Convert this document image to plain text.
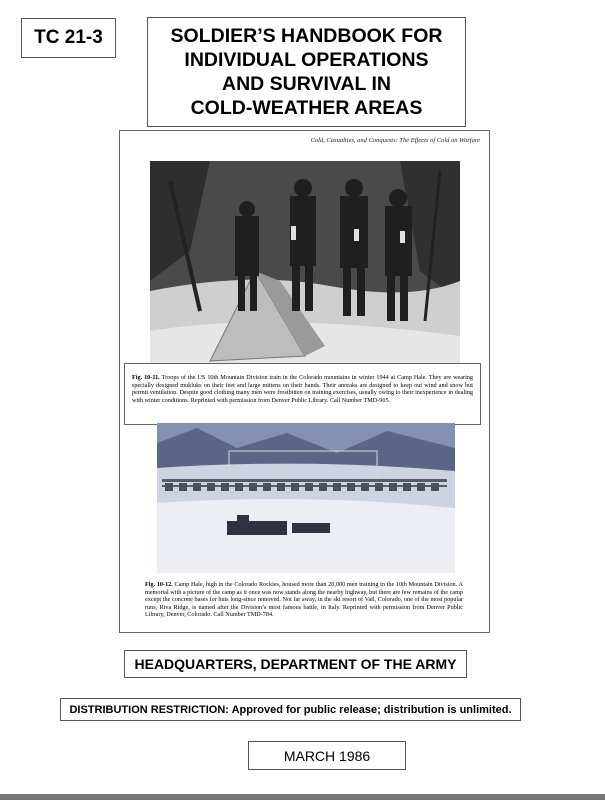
TC 21-3	SOLDIER’S HANDBOOK FOR
INDIVIDUAL OPERATIONS
AND SURVIVAL IN
COLD-WEATHER AREAS
Cold, Casualties, and Conquests: The Effects of Cold on Warfare
Fig. 10-11. Troops of the US 10th Mountain Division train in the Colorado mountains in winter 1944 at Camp Hale. They are wearing specially designed mukluks on their feet and large mittens on their hands. Their anoraks are designed to keep out wind and snow but permit ventilation. Despite good clothing many men were frostbitten on training exercises, usually owing to their inexperience in dealing with winter conditions. Reprinted with permission from Denver Public Library. Call Number TMD-905.
Fig. 10-12. Camp Hale, high in the Colorado Rockies, housed more than 20,000 men training in the 10th Mountain Division. A memorial with a picture of the camp as it once was now stands along the nearby highway, but there are few remains of the camp except the concrete bases for huts long-since removed. Not far away, in the ski resort of Vail, Colorado, one of the most popular runs, Riva Ridge, is named after the Division’s most famous battle, in Italy. Reprinted with permission from Denver Public Library, Denver, Colorado. Call Number TMD-784.
HEADQUARTERS, DEPARTMENT OF THE ARMY
DISTRIBUTION RESTRICTION: Approved for public release; distribution is unlimited.
MARCH 1986
